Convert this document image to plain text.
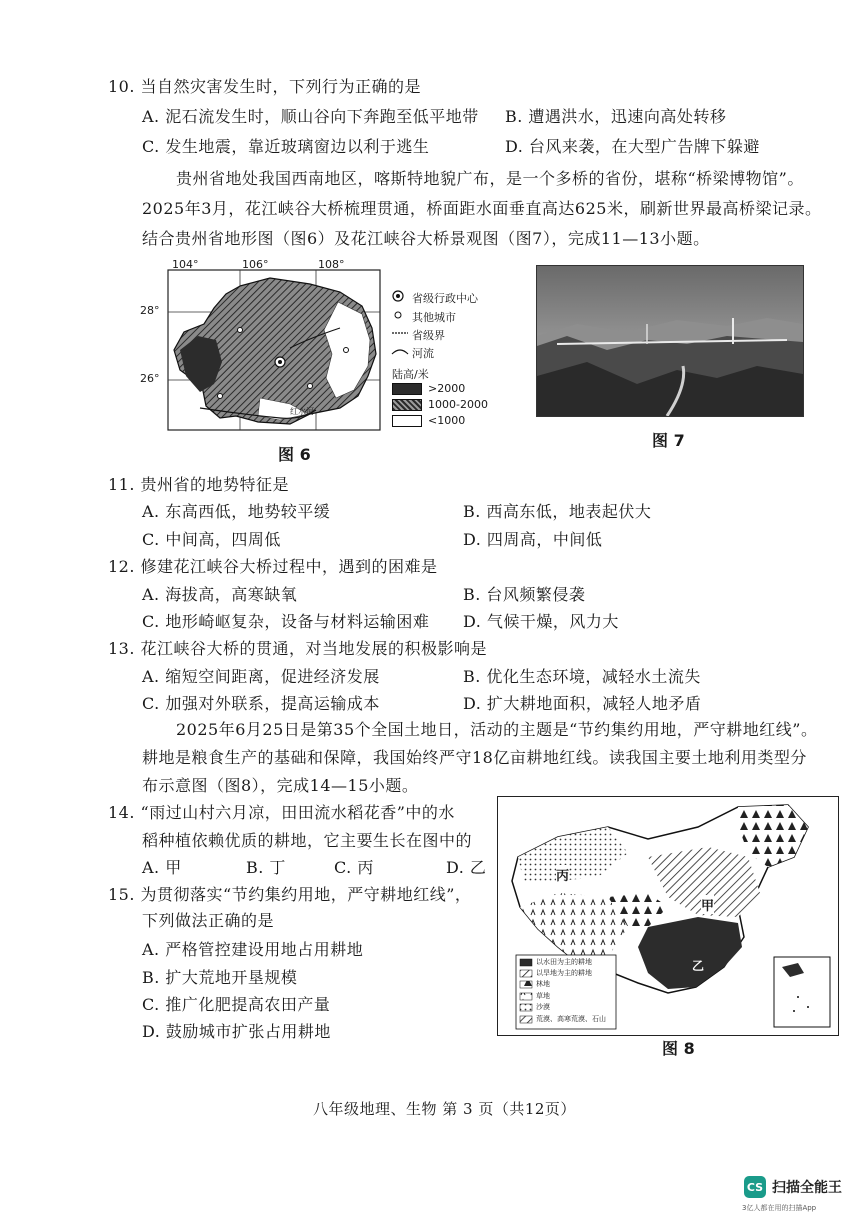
10. 当自然灾害发生时，下列行为正确的是
A. 泥石流发生时，顺山谷向下奔跑至低平地带 B. 遭遇洪水，迅速向高处转移
C. 发生地震，靠近玻璃窗边以利于逃生	D. 台风来袭，在大型广告牌下躲避
贵州省地处我国西南地区，喀斯特地貌广布，是一个多桥的省份，堪称“桥梁博物馆”。
2025年3月，花江峡谷大桥梳理贯通，桥面距水面垂直高达625米，刷新世界最高桥梁记录。
结合贵州省地形图（图6）及花江峡谷大桥景观图（图7），完成11—13小题。
104°	106°	108°
28°
26°
红水河
省级行政中心
其他城市
省级界
河流
陆高/米
>2000
1000-2000
<1000
图 6
图 7
11. 贵州省的地势特征是
A. 东高西低，地势较平缓	B. 西高东低，地表起伏大
C. 中间高，四周低	D. 四周高，中间低
12. 修建花江峡谷大桥过程中，遇到的困难是
A. 海拔高，高寒缺氧	B. 台风频繁侵袭
C. 地形崎岖复杂，设备与材料运输困难 D. 气候干燥，风力大
13. 花江峡谷大桥的贯通，对当地发展的积极影响是
A. 缩短空间距离，促进经济发展	B. 优化生态环境，减轻水土流失
C. 加强对外联系，提高运输成本	D. 扩大耕地面积，减轻人地矛盾
2025年6月25日是第35个全国土地日，活动的主题是“节约集约用地，严守耕地红线”。
耕地是粮食生产的基础和保障，我国始终严守18亿亩耕地红线。读我国主要土地利用类型分
布示意图（图8），完成14—15小题。
14. “雨过山村六月凉，田田流水稻花香”中的水
稻种植依赖优质的耕地，它主要生长在图中的
A. 甲	B. 丁	C. 丙	D. 乙
15. 为贯彻落实“节约集约用地，严守耕地红线”，
下列做法正确的是
A. 严格管控建设用地占用耕地
B. 扩大荒地开垦规模
C. 推广化肥提高农田产量
D. 鼓励城市扩张占用耕地
丙
甲
乙
以水田为主的耕地
以旱地为主的耕地
林地
草地
沙漠
荒漠、高寒荒漠、石山
图 8
八年级地理、生物 第 3 页（共12页）
CS 扫描全能王
3亿人都在用的扫描App
